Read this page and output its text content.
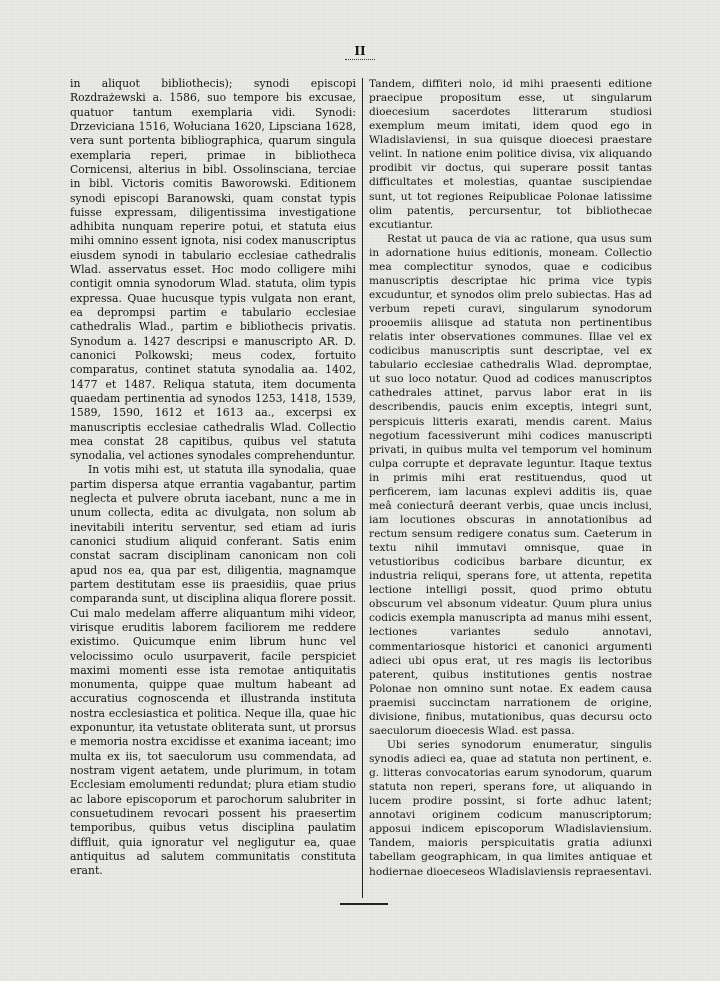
II

in aliquot bibliothecis); synodi episcopi Rozdrażewski a. 1586, suo tempore bis excusae, quatuor tantum exemplaria vidi. Synodi: Drzeviciana 1516, Wołuciana 1620, Lipsciana 1628, vera sunt portenta bibliographica, quarum singula exemplaria reperi, primae in bibliotheca Cornicensi, alterius in bibl. Ossolinsciana, terciae in bibl. Victoris comitis Baworowski. Editionem synodi episcopi Baranowski, quam constat typis fuisse expressam, diligentissima investigatione adhibita nunquam reperire potui, et statuta eius mihi omnino essent ignota, nisi codex manuscriptus eiusdem synodi in tabulario ecclesiae cathedralis Wlad. asservatus esset. Hoc modo colligere mihi contigit omnia synodorum Wlad. statuta, olim typis expressa. Quae hucusque typis vulgata non erant, ea deprompsi partim e tabulario ecclesiae cathedralis Wlad., partim e bibliothecis privatis. Synodum a. 1427 descripsi e manuscripto AR. D. canonici Polkowski; meus codex, fortuito comparatus, continet statuta synodalia aa. 1402, 1477 et 1487. Reliqua statuta, item documenta quaedam pertinentia ad synodos 1253, 1418, 1539, 1589, 1590, 1612 et 1613 aa., excerpsi ex manuscriptis ecclesiae cathedralis Wlad. Collectio mea constat 28 capitibus, quibus vel statuta synodalia, vel actiones synodales comprehenduntur.

In votis mihi est, ut statuta illa synodalia, quae partim dispersa atque errantia vagabantur, partim neglecta et pulvere obruta iacebant, nunc a me in unum collecta, edita ac divulgata, non solum ab inevitabili interitu serventur, sed etiam ad iuris canonici studium aliquid conferant. Satis enim constat sacram disciplinam canonicam non coli apud nos ea, qua par est, diligentia, magnamque partem destitutam esse iis praesidiis, quae prius comparanda sunt, ut disciplina aliqua florere possit. Cui malo medelam afferre aliquantum mihi videor, virisque eruditis laborem faciliorem me reddere existimo. Quicumque enim librum hunc vel velocissimo oculo usurpaverit, facile perspiciet maximi momenti esse ista remotae antiquitatis monumenta, quippe quae multum habeant ad accuratius cognoscenda et illustranda instituta nostra ecclesiastica et politica. Neque illa, quae hic exponuntur, ita vetustate obliterata sunt, ut prorsus e memoria nostra excidisse et exanima iaceant; imo multa ex iis, tot saeculorum usu commendata, ad nostram vigent aetatem, unde plurimum, in totam Ecclesiam emolumenti redundat; plura etiam studio ac labore episcoporum et parochorum salubriter in consuetudinem revocari possent his praesertim temporibus, quibus vetus disciplina paulatim diffluit, quia ignoratur vel negligutur ea, quae antiquitus ad salutem communitatis constituta erant.

Tandem, diffiteri nolo, id mihi praesenti editione praecipue propositum esse, ut singularum dioecesium sacerdotes litterarum studiosi exemplum meum imitati, idem quod ego in Wladislaviensi, in sua quisque dioecesi praestare velint. In natione enim politice divisa, vix aliquando prodibit vir doctus, qui superare possit tantas difficultates et molestias, quantae suscipiendae sunt, ut tot regiones Reipublicae Polonae latissime olim patentis, percursentur, tot bibliothecae excutiantur.

Restat ut pauca de via ac ratione, qua usus sum in adornatione huius editionis, moneam. Collectio mea complectitur synodos, quae e codicibus manuscriptis descriptae hic prima vice typis excuduntur, et synodos olim prelo subiectas. Has ad verbum repeti curavi, singularum synodorum prooemiis aliisque ad statuta non pertinentibus relatis inter observationes communes. Illae vel ex codicibus manuscriptis sunt descriptae, vel ex tabulario ecclesiae cathedralis Wlad. depromptae, ut suo loco notatur. Quod ad codices manuscriptos cathedrales attinet, parvus labor erat in iis describendis, paucis enim exceptis, integri sunt, perspicuis litteris exarati, mendis carent. Maius negotium facessiverunt mihi codices manuscripti privati, in quibus multa vel temporum vel hominum culpa corrupte et depravate leguntur. Itaque textus in primis mihi erat restituendus, quod ut perficerem, iam lacunas explevi additis iis, quae meâ coniecturâ deerant verbis, quae uncis inclusi, iam locutiones obscuras in annotationibus ad rectum sensum redigere conatus sum. Caeterum in textu nihil immutavi omnisque, quae in vetustioribus codicibus barbare dicuntur, ex industria reliqui, sperans fore, ut attenta, repetita lectione intelligi possit, quod primo obtutu obscurum vel absonum videatur. Quum plura unius codicis exempla manuscripta ad manus mihi essent, lectiones variantes sedulo annotavi, commentariosque historici et canonici argumenti adieci ubi opus erat, ut res magis iis lectoribus paterent, quibus institutiones gentis nostrae Polonae non omnino sunt notae. Ex eadem causa praemisi succinctam narrationem de origine, divisione, finibus, mutationibus, quas decursu octo saeculorum dioecesis Wlad. est passa.

Ubi series synodorum enumeratur, singulis synodis adieci ea, quae ad statuta non pertinent, e. g. litteras convocatorias earum synodorum, quarum statuta non reperi, sperans fore, ut aliquando in lucem prodire possint, si forte adhuc latent; annotavi originem codicum manuscriptorum; apposui indicem episcoporum Wladislaviensium. Tandem, maioris perspicuitatis gratia adiunxi tabellam geographicam, in qua limites antiquae et hodiernae dioeceseos Wladislaviensis repraesentavi.
